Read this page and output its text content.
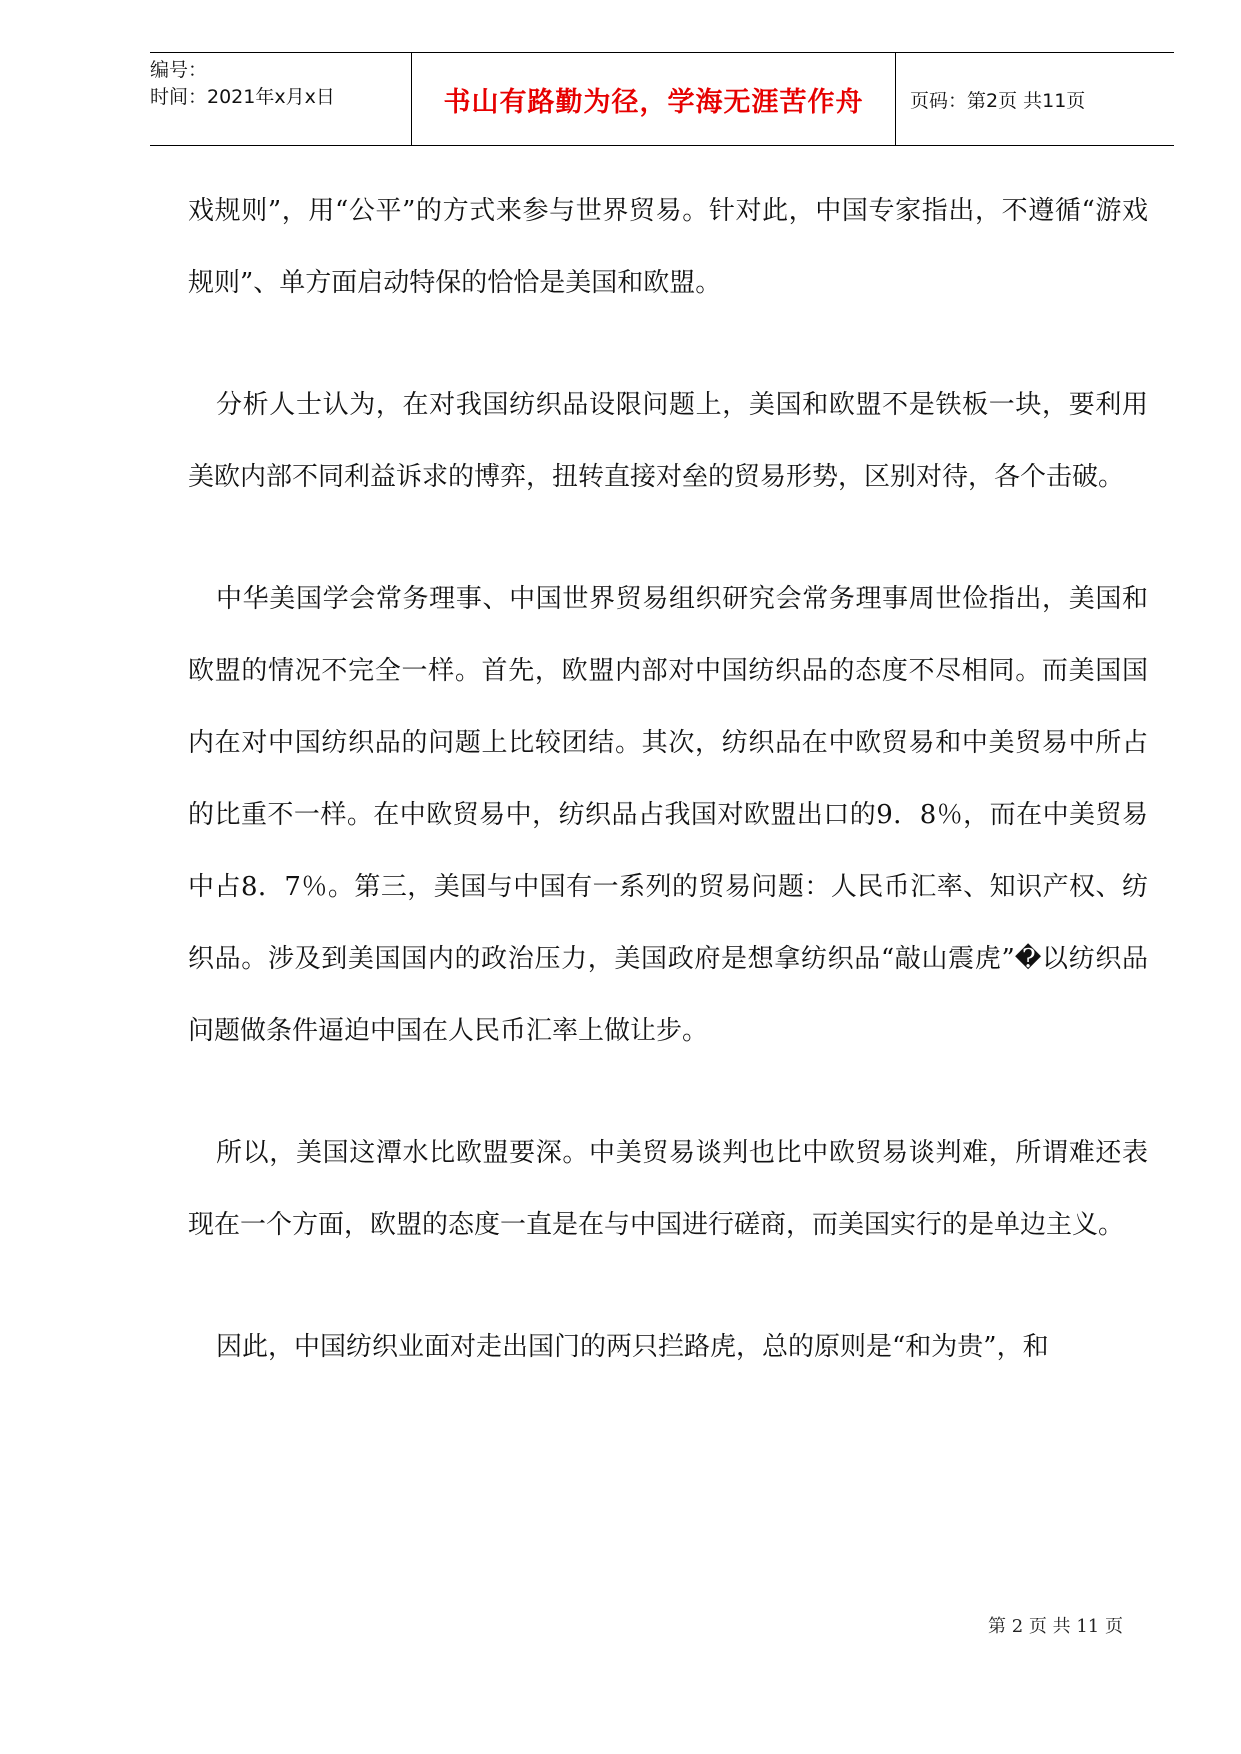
编号：
时间：2021年x月x日	书山有路勤为径，学海无涯苦作舟	页码：第2页 共11页

戏规则”，用“公平”的方式来参与世界贸易。针对此，中国专家指出，不遵循“游戏规则”、单方面启动特保的恰恰是美国和欧盟。

分析人士认为，在对我国纺织品设限问题上，美国和欧盟不是铁板一块，要利用美欧内部不同利益诉求的博弈，扭转直接对垒的贸易形势，区别对待，各个击破。

中华美国学会常务理事、中国世界贸易组织研究会常务理事周世俭指出，美国和欧盟的情况不完全一样。首先，欧盟内部对中国纺织品的态度不尽相同。而美国国内在对中国纺织品的问题上比较团结。其次，纺织品在中欧贸易和中美贸易中所占的比重不一样。在中欧贸易中，纺织品占我国对欧盟出口的9．8％，而在中美贸易中占8．7％。第三，美国与中国有一系列的贸易问题：人民币汇率、知识产权、纺织品。涉及到美国国内的政治压力，美国政府是想拿纺织品“敲山震虎”�以纺织品问题做条件逼迫中国在人民币汇率上做让步。

所以，美国这潭水比欧盟要深。中美贸易谈判也比中欧贸易谈判难，所谓难还表现在一个方面，欧盟的态度一直是在与中国进行磋商，而美国实行的是单边主义。

因此，中国纺织业面对走出国门的两只拦路虎，总的原则是“和为贵”，和

第 2 页 共 11 页
